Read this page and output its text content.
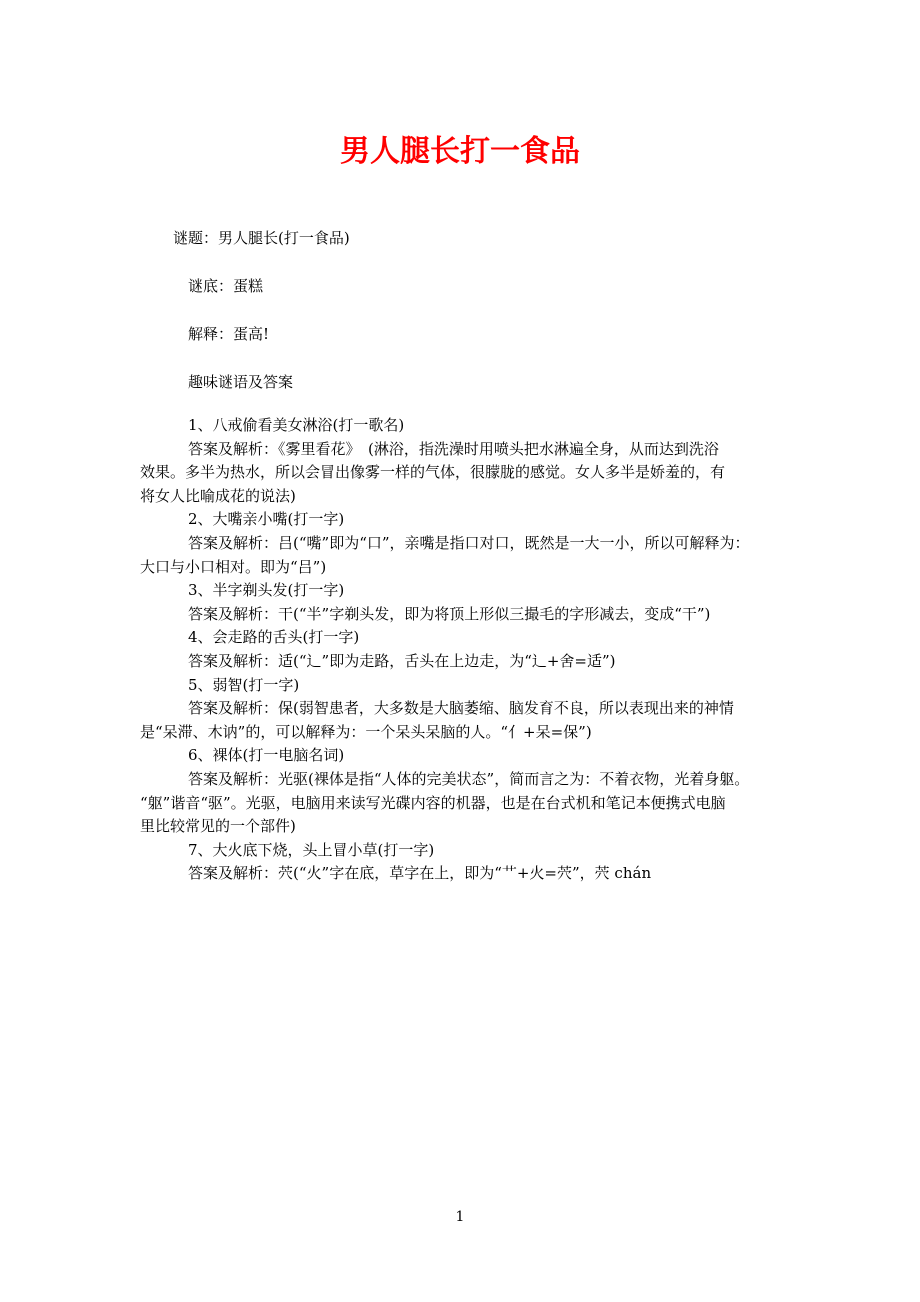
男人腿长打一食品

谜题：男人腿长(打一食品)

谜底：蛋糕

解释：蛋高!

趣味谜语及答案

1、八戒偷看美女淋浴(打一歌名)
答案及解析：《雾里看花》　(淋浴，指洗澡时用喷头把水淋遍全身，从而达到洗浴
效果。多半为热水，所以会冒出像雾一样的气体，很朦胧的感觉。女人多半是娇羞的，有
将女人比喻成花的说法)
2、大嘴亲小嘴(打一字)
答案及解析：吕(“嘴”即为“口”，亲嘴是指口对口，既然是一大一小，所以可解释为：
大口与小口相对。即为“吕”)
3、半字剃头发(打一字)
答案及解析：干(“半”字剃头发，即为将顶上形似三撮毛的字形减去，变成“干”)
4、会走路的舌头(打一字)
答案及解析：适(“辶”即为走路，舌头在上边走，为“辶+舍=适”)
5、弱智(打一字)
答案及解析：保(弱智患者，大多数是大脑萎缩、脑发育不良，所以表现出来的神情
是“呆滞、木讷”的，可以解释为：一个呆头呆脑的人。“亻+呆=保”)
6、裸体(打一电脑名词)
答案及解析：光驱(裸体是指“人体的完美状态”，简而言之为：不着衣物，光着身躯。
“躯”谐音“驱”。光驱，电脑用来读写光碟内容的机器，也是在台式机和笔记本便携式电脑
里比较常见的一个部件)
7、大火底下烧，头上冒小草(打一字)
答案及解析：茓(“火”字在底，草字在上，即为“艹+火=茓”，茓 chán
1
